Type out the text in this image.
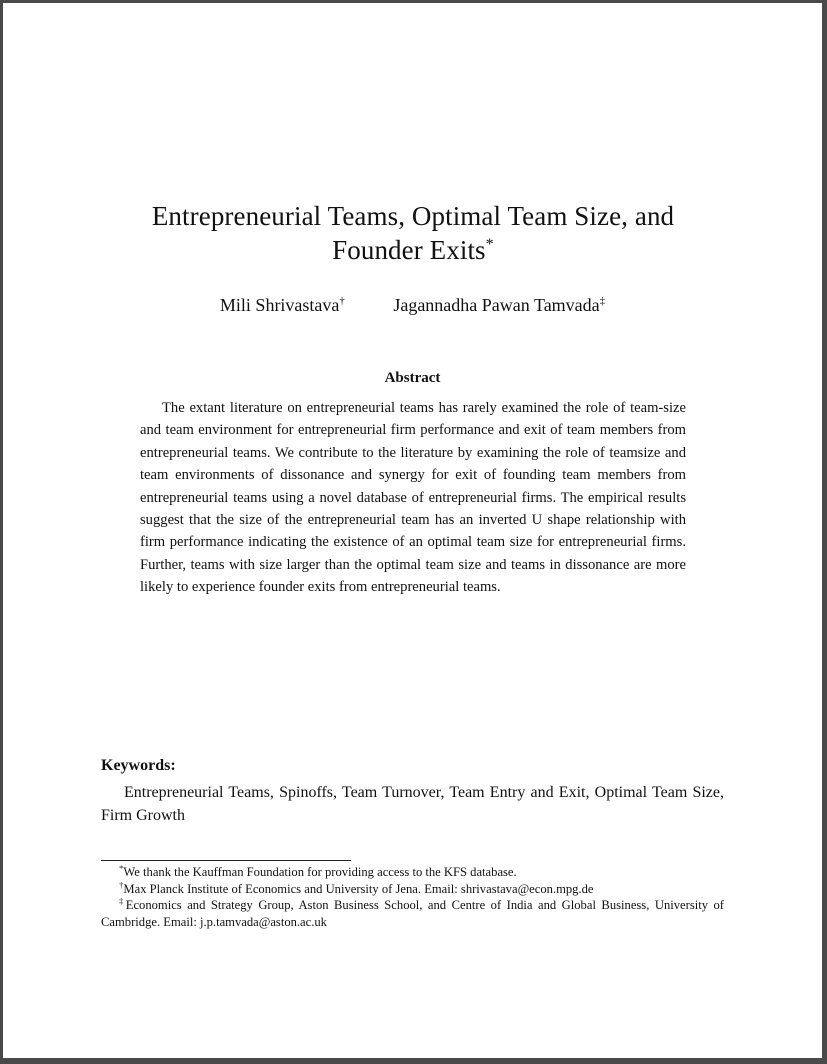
Entrepreneurial Teams, Optimal Team Size, and
Founder Exits*
Mili Shrivastava†	Jagannadha Pawan Tamvada‡
Abstract

The extant literature on entrepreneurial teams has rarely examined the role of team-size and team environment for entrepreneurial firm performance and exit of team members from entrepreneurial teams. We contribute to the literature by examining the role of teamsize and team environments of dissonance and synergy for exit of founding team members from entrepreneurial teams using a novel database of entrepreneurial firms. The empirical results suggest that the size of the entrepreneurial team has an inverted U shape relationship with firm performance indicating the existence of an optimal team size for entrepreneurial firms. Further, teams with size larger than the optimal team size and teams in dissonance are more likely to experience founder exits from entrepreneurial teams.

Keywords:

Entrepreneurial Teams, Spinoffs, Team Turnover, Team Entry and Exit, Optimal Team Size, Firm Growth

*We thank the Kauffman Foundation for providing access to the KFS database.

†Max Planck Institute of Economics and University of Jena. Email: shrivastava@econ.mpg.de

‡Economics and Strategy Group, Aston Business School, and Centre of India and Global Business, University of Cambridge. Email: j.p.tamvada@aston.ac.uk
